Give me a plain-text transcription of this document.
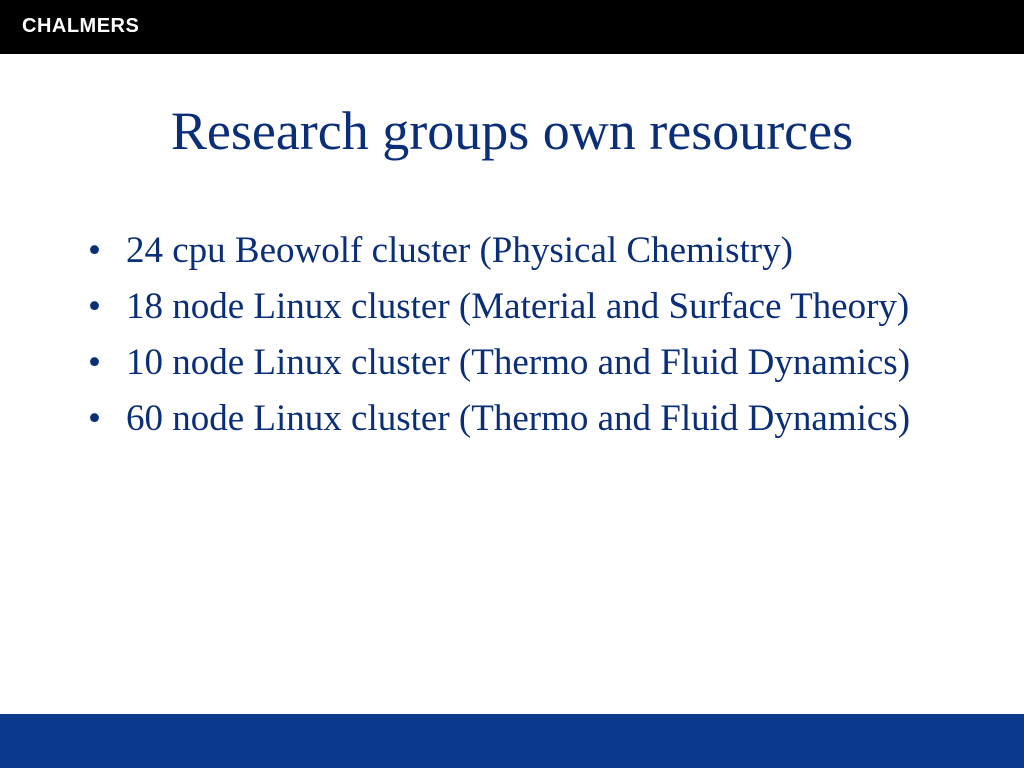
CHALMERS
Research groups own resources
• 24 cpu Beowolf cluster (Physical Chemistry)
• 18 node Linux cluster (Material and Surface Theory)
• 10 node Linux cluster (Thermo and Fluid Dynamics)
• 60 node Linux cluster (Thermo and Fluid Dynamics)
